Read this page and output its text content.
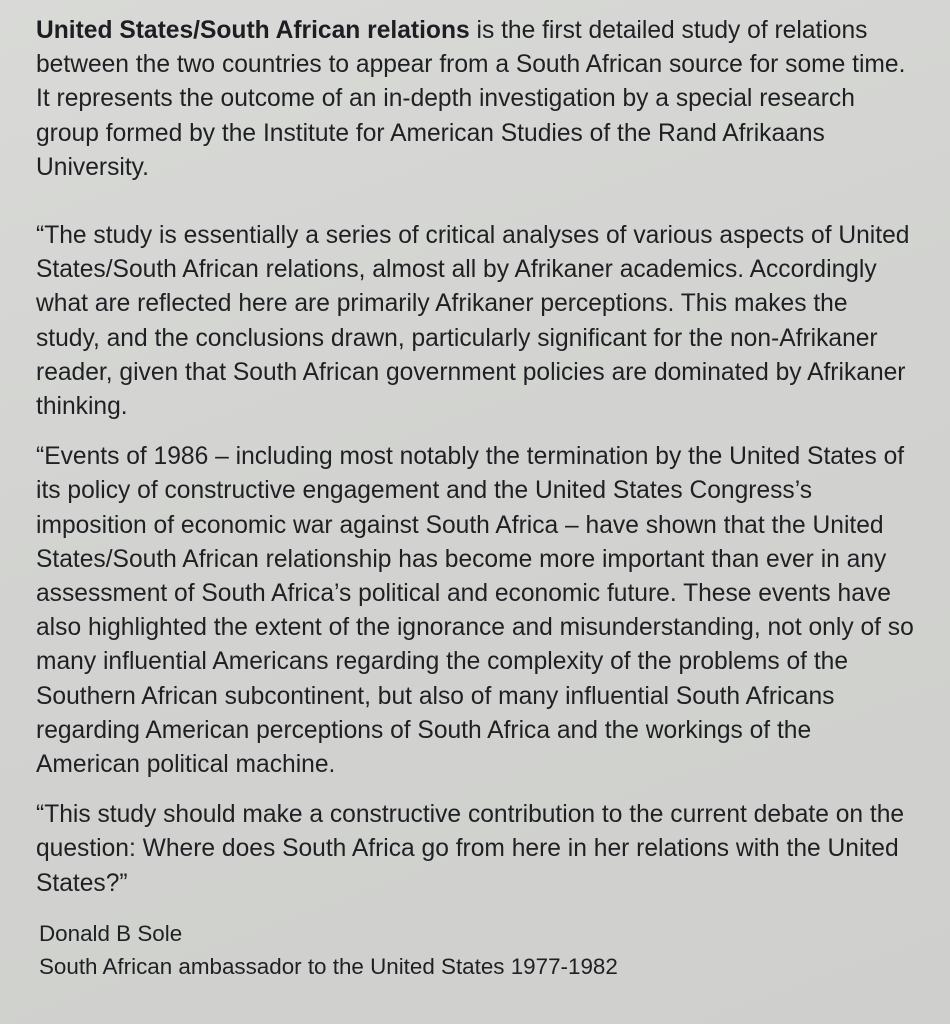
United States/South African relations is the first detailed study of relations between the two countries to appear from a South African source for some time. It represents the outcome of an in-depth investigation by a special research group formed by the Institute for American Studies of the Rand Afrikaans University.

“The study is essentially a series of critical analyses of various aspects of United States/South African relations, almost all by Afrikaner academics. Accordingly what are reflected here are primarily Afrikaner perceptions. This makes the study, and the conclusions drawn, particularly significant for the non-Afrikaner reader, given that South African government policies are dominated by Afrikaner thinking.

“Events of 1986 – including most notably the termination by the United States of its policy of constructive engagement and the United States Congress’s imposition of economic war against South Africa – have shown that the United States/South African relationship has become more important than ever in any assessment of South Africa’s political and economic future. These events have also highlighted the extent of the ignorance and misunderstanding, not only of so many influential Americans regarding the complexity of the problems of the Southern African subcontinent, but also of many influential South Africans regarding American perceptions of South Africa and the workings of the American political machine.

“This study should make a constructive contribution to the current debate on the question: Where does South Africa go from here in her relations with the United States?”

Donald B Sole

South African ambassador to the United States 1977-1982
